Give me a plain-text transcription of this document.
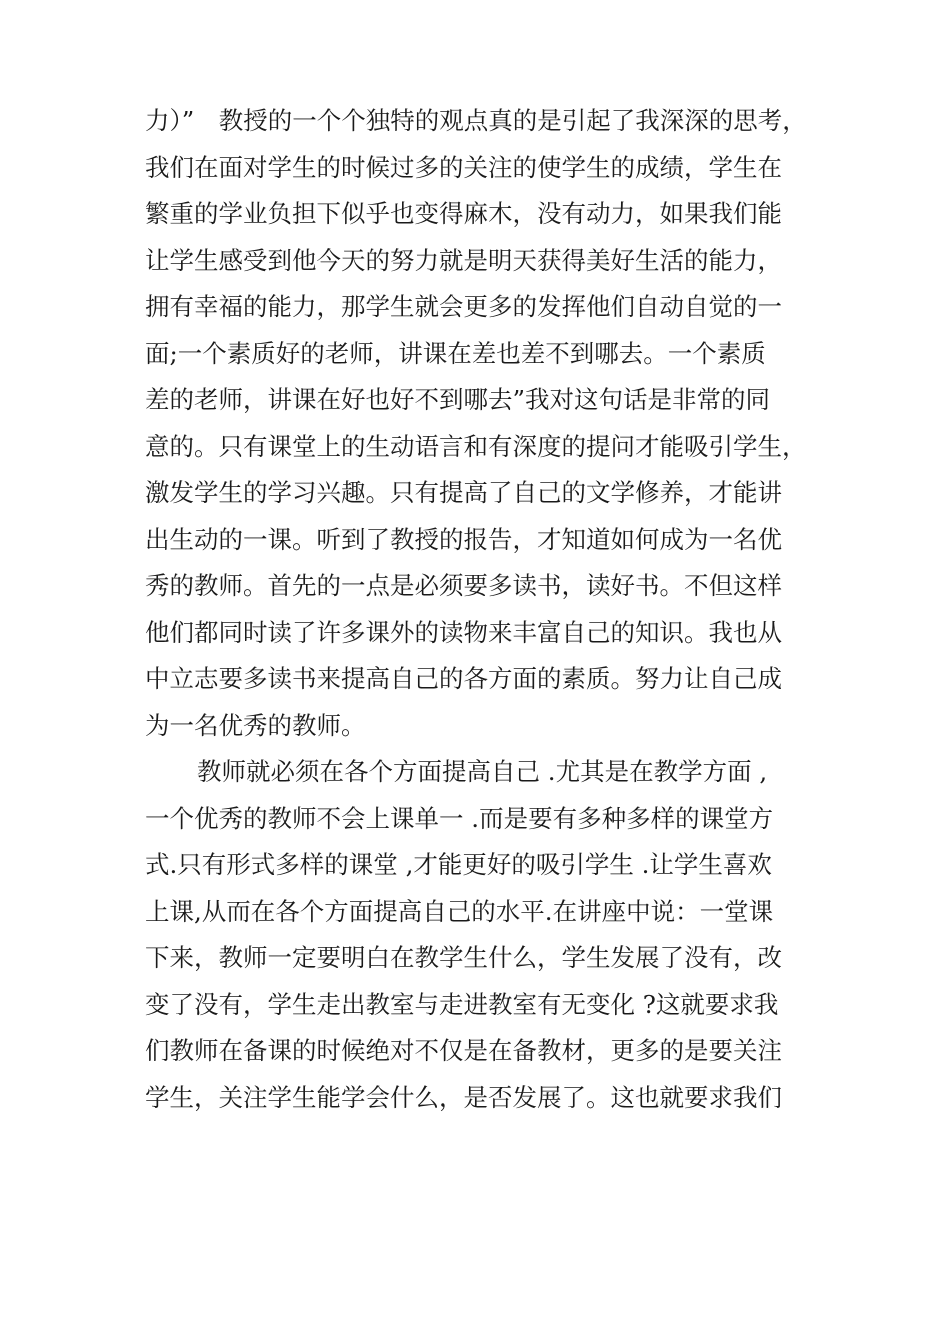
力）”　教授的一个个独特的观点真的是引起了我深深的思考，
我们在面对学生的时候过多的关注的使学生的成绩，学生在
繁重的学业负担下似乎也变得麻木，没有动力，如果我们能
让学生感受到他今天的努力就是明天获得美好生活的能力，
拥有幸福的能力，那学生就会更多的发挥他们自动自觉的一
面;一个素质好的老师，讲课在差也差不到哪去。一个素质
差的老师，讲课在好也好不到哪去”我对这句话是非常的同
意的。只有课堂上的生动语言和有深度的提问才能吸引学生，
激发学生的学习兴趣。只有提高了自己的文学修养，才能讲
出生动的一课。听到了教授的报告，才知道如何成为一名优
秀的教师。首先的一点是必须要多读书，读好书。不但这样
他们都同时读了许多课外的读物来丰富自己的知识。我也从
中立志要多读书来提高自己的各方面的素质。努力让自己成
为一名优秀的教师。
教师就必须在各个方面提高自己 .尤其是在教学方面 ,
一个优秀的教师不会上课单一 .而是要有多种多样的课堂方
式.只有形式多样的课堂 ,才能更好的吸引学生 .让学生喜欢
上课,从而在各个方面提高自己的水平.在讲座中说：一堂课
下来，教师一定要明白在教学生什么，学生发展了没有，改
变了没有，学生走出教室与走进教室有无变化 ?这就要求我
们教师在备课的时候绝对不仅是在备教材，更多的是要关注
学生，关注学生能学会什么，是否发展了。这也就要求我们
